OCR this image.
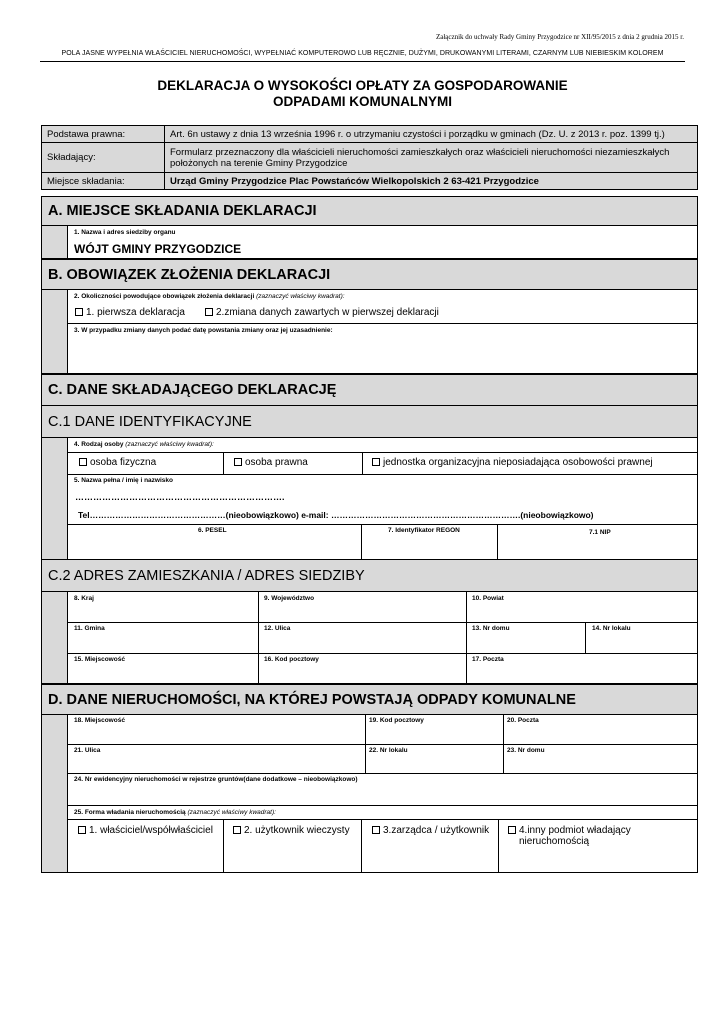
Załącznik do uchwały Rady Gminy Przygodzice nr XII/95/2015 z dnia 2 grudnia 2015 r.
POLA JASNE WYPEŁNIA WŁAŚCICIEL NIERUCHOMOŚCI, WYPEŁNIAĆ KOMPUTEROWO LUB RĘCZNIE, DUŻYMI, DRUKOWANYMI LITERAMI, CZARNYM LUB NIEBIESKIM KOLOREM
DEKLARACJA O WYSOKOŚCI OPŁATY ZA GOSPODAROWANIE
ODPADAMI KOMUNALNYMI
Podstawa prawna:	Art. 6n ustawy z dnia 13 września 1996 r. o utrzymaniu czystości i porządku w gminach (Dz. U. z 2013 r. poz. 1399 tj.)
Składający:	Formularz przeznaczony dla właścicieli nieruchomości zamieszkałych oraz właścicieli nieruchomości niezamieszkałych położonych na terenie Gminy Przygodzice
Miejsce składania:	Urząd Gminy Przygodzice Plac Powstańców Wielkopolskich 2 63-421 Przygodzice
A. MIEJSCE SKŁADANIA DEKLARACJI
1. Nazwa i adres siedziby organu
WÓJT GMINY PRZYGODZICE
B. OBOWIĄZEK ZŁOŻENIA DEKLARACJI
2. Okoliczności powodujące obowiązek złożenia deklaracji (zaznaczyć właściwy kwadrat):
1. pierwsza deklaracja	2.zmiana danych zawartych w pierwszej deklaracji
3. W przypadku zmiany danych podać datę powstania zmiany oraz jej uzasadnienie:
C. DANE SKŁADAJĄCEGO DEKLARACJĘ
C.1 DANE IDENTYFIKACYJNE
4. Rodzaj osoby (zaznaczyć właściwy kwadrat):
osoba fizyczna	osoba prawna	jednostka organizacyjna nieposiadająca osobowości prawnej
5. Nazwa pełna / imię i nazwisko
…………………………………………………………….
Tel…………………………………………(nieobowiązkowo) e-mail: ………………………………………………………….(nieobowiązkowo)
6. PESEL	7. Identyfikator REGON	7.1 NIP
C.2 ADRES ZAMIESZKANIA / ADRES SIEDZIBY
8. Kraj	9. Województwo	10. Powiat
11. Gmina	12. Ulica	13. Nr domu	14. Nr lokalu
15. Miejscowość	16. Kod pocztowy	17. Poczta
D. DANE NIERUCHOMOŚCI, NA KTÓREJ POWSTAJĄ ODPADY KOMUNALNE
18. Miejscowość	19. Kod pocztowy	20. Poczta
21. Ulica	22. Nr lokalu	23. Nr domu
24. Nr ewidencyjny nieruchomości w rejestrze gruntów(dane dodatkowe – nieobowiązkowo)
25. Forma władania nieruchomością (zaznaczyć właściwy kwadrat):
1. właściciel/współwłaściciel	2. użytkownik wieczysty	3.zarządca / użytkownik	4.inny podmiot władający nieruchomością
